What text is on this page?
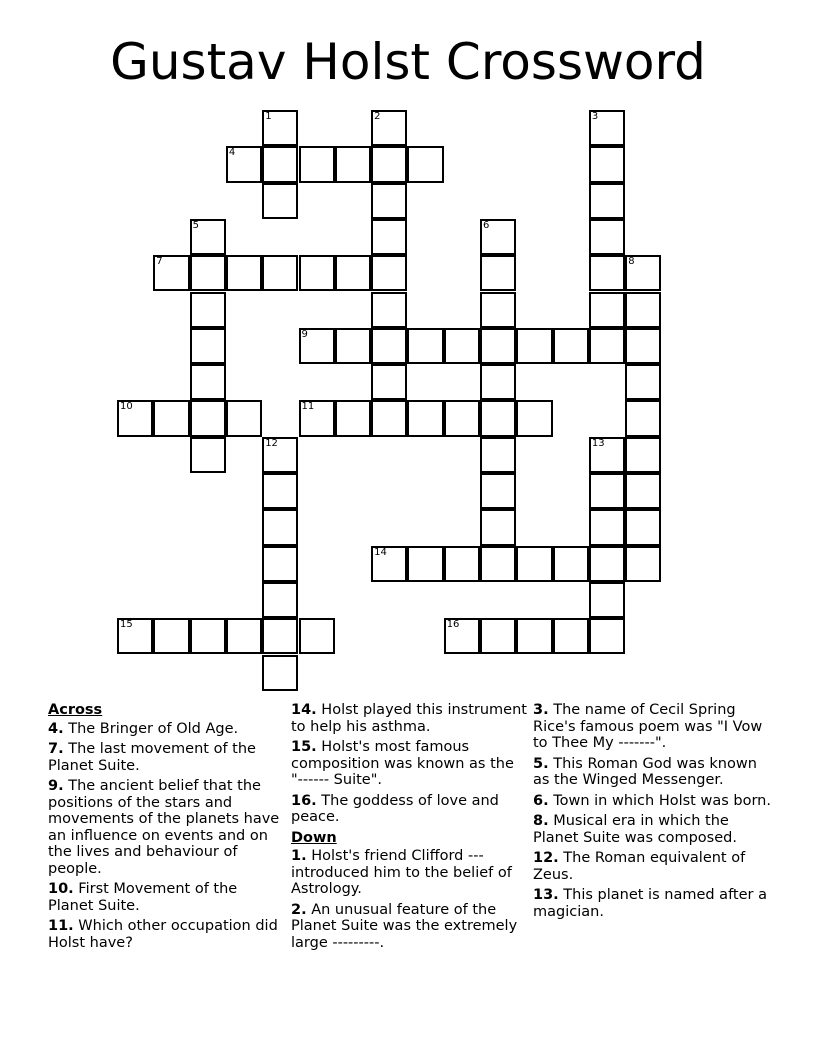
Gustav Holst Crossword
1	2	3
4
5	6
7	8
9
10	11
12	13
14
15	16
Across
4. The Bringer of Old Age.
7. The last movement of the Planet Suite.
9. The ancient belief that the positions of the stars and movements of the planets have an influence on events and on the lives and behaviour of people.
10. First Movement of the Planet Suite.
11. Which other occupation did Holst have?
14. Holst played this instrument to help his asthma.
15. Holst's most famous composition was known as the "------ Suite".
16. The goddess of love and peace.
Down
1. Holst's friend Clifford --- introduced him to the belief of Astrology.
2. An unusual feature of the Planet Suite was the extremely large ---------.
3. The name of Cecil Spring Rice's famous poem was "I Vow to Thee My -------".
5. This Roman God was known as the Winged Messenger.
6. Town in which Holst was born.
8. Musical era in which the Planet Suite was composed.
12. The Roman equivalent of Zeus.
13. This planet is named after a magician.
